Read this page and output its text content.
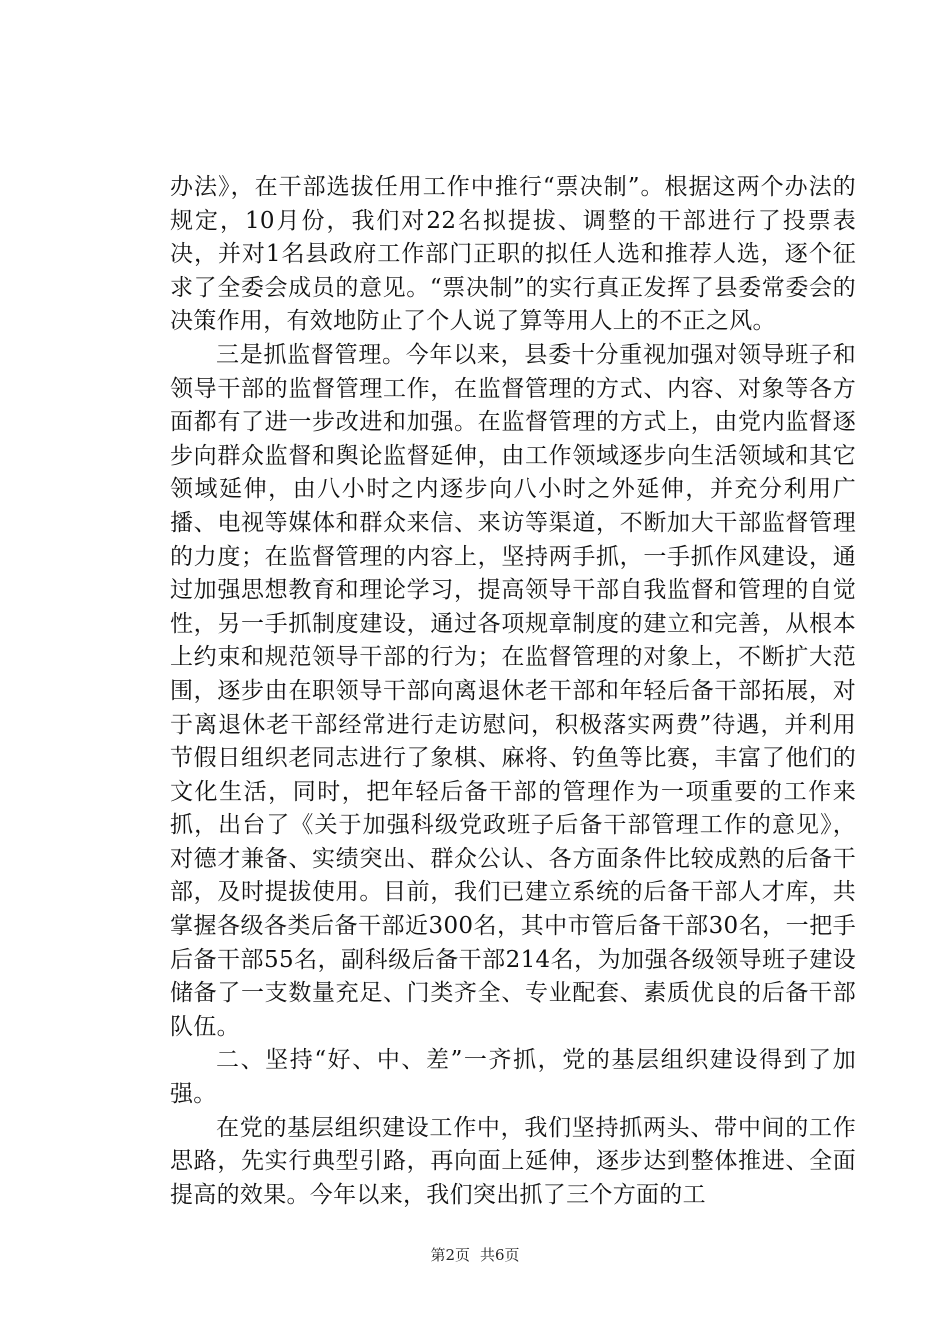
办法》，在干部选拔任用工作中推行“票决制”。根据这两个办法的规定，10月份，我们对22名拟提拔、调整的干部进行了投票表决，并对1名县政府工作部门正职的拟任人选和推荐人选，逐个征求了全委会成员的意见。“票决制”的实行真正发挥了县委常委会的决策作用，有效地防止了个人说了算等用人上的不正之风。

三是抓监督管理。今年以来，县委十分重视加强对领导班子和领导干部的监督管理工作，在监督管理的方式、内容、对象等各方面都有了进一步改进和加强。在监督管理的方式上，由党内监督逐步向群众监督和舆论监督延伸，由工作领域逐步向生活领域和其它领域延伸，由八小时之内逐步向八小时之外延伸，并充分利用广播、电视等媒体和群众来信、来访等渠道，不断加大干部监督管理的力度；在监督管理的内容上，坚持两手抓，一手抓作风建设，通过加强思想教育和理论学习，提高领导干部自我监督和管理的自觉性，另一手抓制度建设，通过各项规章制度的建立和完善，从根本上约束和规范领导干部的行为；在监督管理的对象上，不断扩大范围，逐步由在职领导干部向离退休老干部和年轻后备干部拓展，对于离退休老干部经常进行走访慰问，积极落实两费”待遇，并利用节假日组织老同志进行了象棋、麻将、钓鱼等比赛，丰富了他们的文化生活，同时，把年轻后备干部的管理作为一项重要的工作来抓，出台了《关于加强科级党政班子后备干部管理工作的意见》，对德才兼备、实绩突出、群众公认、各方面条件比较成熟的后备干部，及时提拔使用。目前，我们已建立系统的后备干部人才库，共掌握各级各类后备干部近300名，其中市管后备干部30名，一把手后备干部55名，副科级后备干部214名，为加强各级领导班子建设储备了一支数量充足、门类齐全、专业配套、素质优良的后备干部队伍。

二、坚持“好、中、差”一齐抓，党的基层组织建设得到了加强。

在党的基层组织建设工作中，我们坚持抓两头、带中间的工作思路，先实行典型引路，再向面上延伸，逐步达到整体推进、全面提高的效果。今年以来，我们突出抓了三个方面的工

第2页 共6页
